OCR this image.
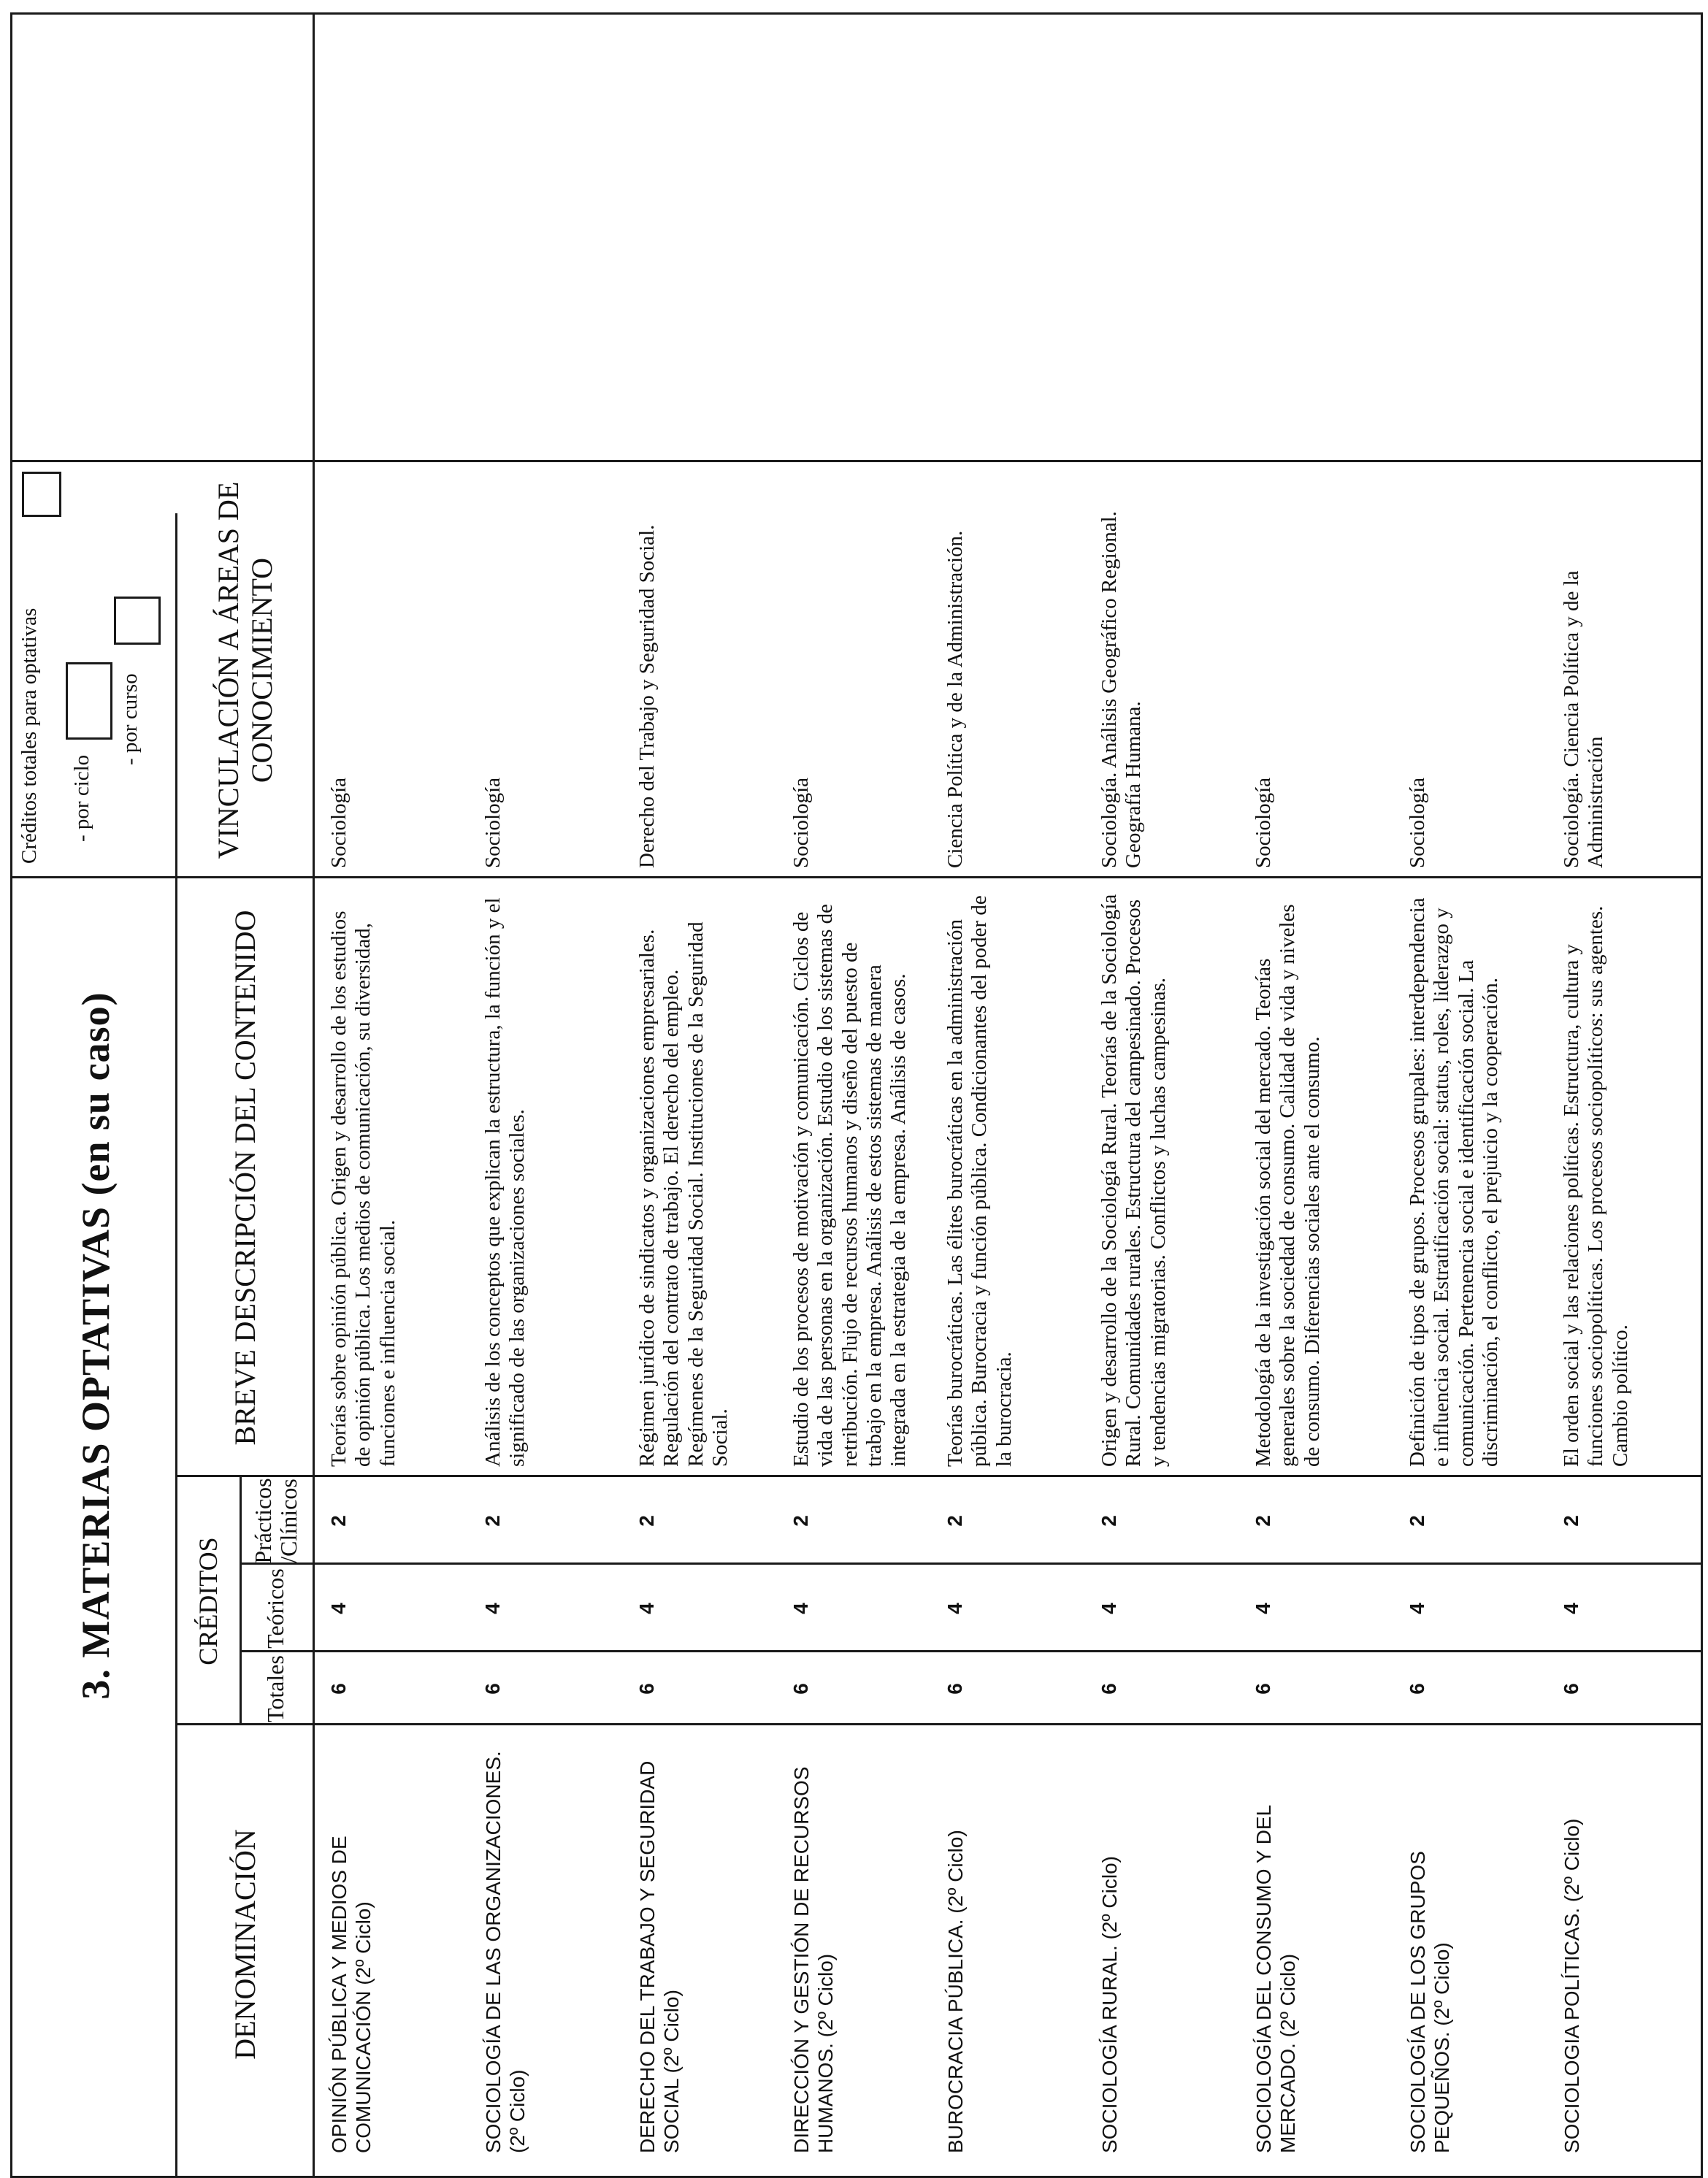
3. MATERIAS OPTATIVAS (en su caso)
Créditos totales para optativas - por ciclo
- por curso
DENOMINACIÓN
CRÉDITOS
Totales
Teóricos
Prácticos /Clínicos
BREVE DESCRIPCIÓN DEL CONTENIDO
VINCULACIÓN A ÁREAS DE CONOCIMIENTO
OPINIÓN PÚBLICA Y MEDIOS DE COMUNICACIÓN (2º Ciclo)
6
4
2
Teorías sobre opinión pública. Origen y desarrollo de los estudios de opinión pública. Los medios de comunicación, su diversidad, funciones e influencia social.
Sociología
SOCIOLOGÍA DE LAS ORGANIZACIONES. (2º Ciclo)
6
4
2
Análisis de los conceptos que explican la estructura, la función y el significado de las organizaciones sociales.
Sociología
DERECHO DEL TRABAJO Y SEGURIDAD SOCIAL (2º Ciclo)
6
4
2
Régimen jurídico de sindicatos y organizaciones empresariales. Regulación del contrato de trabajo. El derecho del empleo. Regímenes de la Seguridad Social. Instituciones de la Seguridad Social.
Derecho del Trabajo y Seguridad Social.
DIRECCIÓN Y GESTIÓN DE RECURSOS HUMANOS. (2º Ciclo)
6
4
2
Estudio de los procesos de motivación y comunicación. Ciclos de vida de las personas en la organización. Estudio de los sistemas de retribución. Flujo de recursos humanos y diseño del puesto de trabajo en la empresa. Análisis de estos sistemas de manera integrada en la estrategia de la empresa. Análisis de casos.
Sociología
BUROCRACIA PÚBLICA. (2º Ciclo)
6
4
2
Teorías burocráticas. Las élites burocráticas en la administración pública. Burocracia y función pública. Condicionantes del poder de la burocracia.
Ciencia Política y de la Administración.
SOCIOLOGÍA RURAL. (2º Ciclo)
6
4
2
Origen y desarrollo de la Sociología Rural. Teorías de la Sociología Rural. Comunidades rurales. Estructura del campesinado. Procesos y tendencias migratorias. Conflictos y luchas campesinas.
Sociología. Análisis Geográfico Regional. Geografía Humana.
SOCIOLOGÍA DEL CONSUMO Y DEL MERCADO. (2º Ciclo)
6
4
2
Metodología de la investigación social del mercado. Teorías generales sobre la sociedad de consumo. Calidad de vida y niveles de consumo. Diferencias sociales ante el consumo.
Sociología
SOCIOLOGÍA DE LOS GRUPOS PEQUEÑOS. (2º Ciclo)
6
4
2
Definición de tipos de grupos. Procesos grupales: interdependencia e influencia social. Estratificación social: status, roles, liderazgo y comunicación. Pertenencia social e identificación social. La discriminación, el conflicto, el prejuicio y la cooperación.
Sociología
SOCIOLOGIA POLÍTICAS. (2º Ciclo)
6
4
2
El orden social y las relaciones políticas. Estructura, cultura y funciones sociopolíticas. Los procesos sociopolíticos: sus agentes. Cambio político.
Sociología. Ciencia Política y de la Administración
